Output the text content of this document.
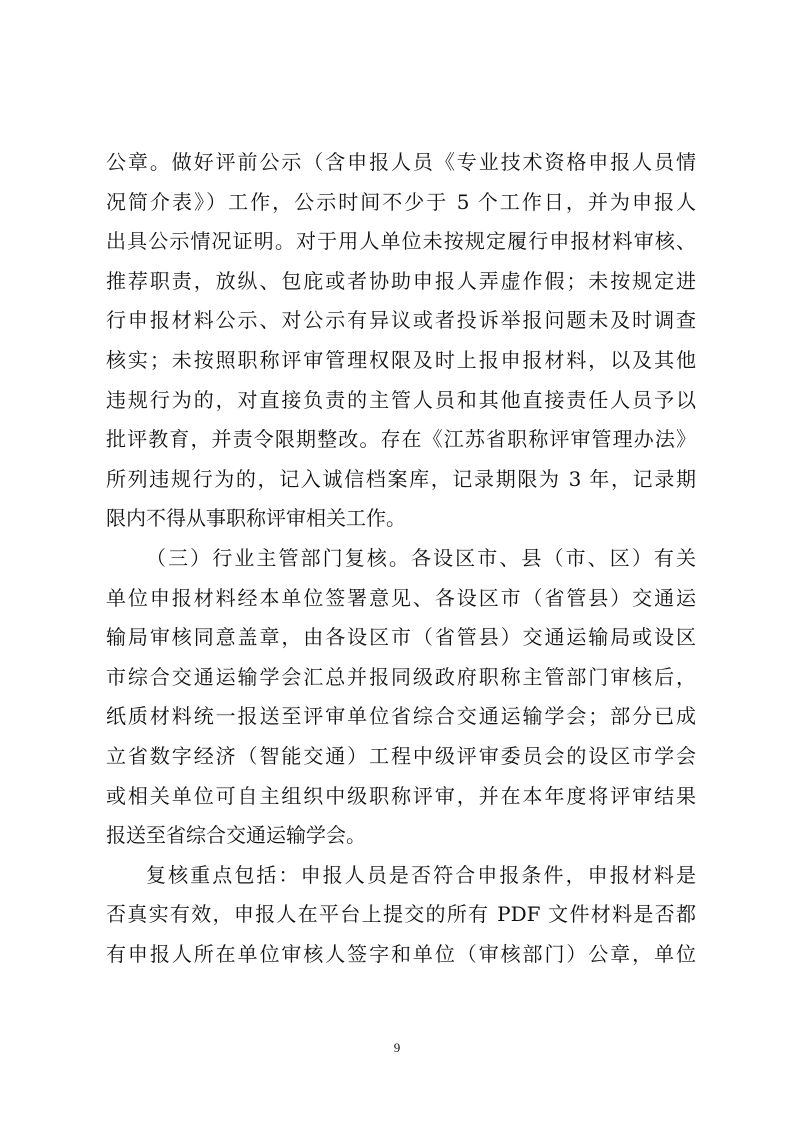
公章。做好评前公示（含申报人员《专业技术资格申报人员情
况简介表》）工作，公示时间不少于 5 个工作日，并为申报人
出具公示情况证明。对于用人单位未按规定履行申报材料审核、
推荐职责，放纵、包庇或者协助申报人弄虚作假；未按规定进
行申报材料公示、对公示有异议或者投诉举报问题未及时调查
核实；未按照职称评审管理权限及时上报申报材料，以及其他
违规行为的，对直接负责的主管人员和其他直接责任人员予以
批评教育，并责令限期整改。存在《江苏省职称评审管理办法》
所列违规行为的，记入诚信档案库，记录期限为 3 年，记录期
限内不得从事职称评审相关工作。
（三）行业主管部门复核。各设区市、县（市、区）有关
单位申报材料经本单位签署意见、各设区市（省管县）交通运
输局审核同意盖章，由各设区市（省管县）交通运输局或设区
市综合交通运输学会汇总并报同级政府职称主管部门审核后，
纸质材料统一报送至评审单位省综合交通运输学会；部分已成
立省数字经济（智能交通）工程中级评审委员会的设区市学会
或相关单位可自主组织中级职称评审，并在本年度将评审结果
报送至省综合交通运输学会。
复核重点包括：申报人员是否符合申报条件，申报材料是
否真实有效，申报人在平台上提交的所有 PDF 文件材料是否都
有申报人所在单位审核人签字和单位（审核部门）公章，单位
9
